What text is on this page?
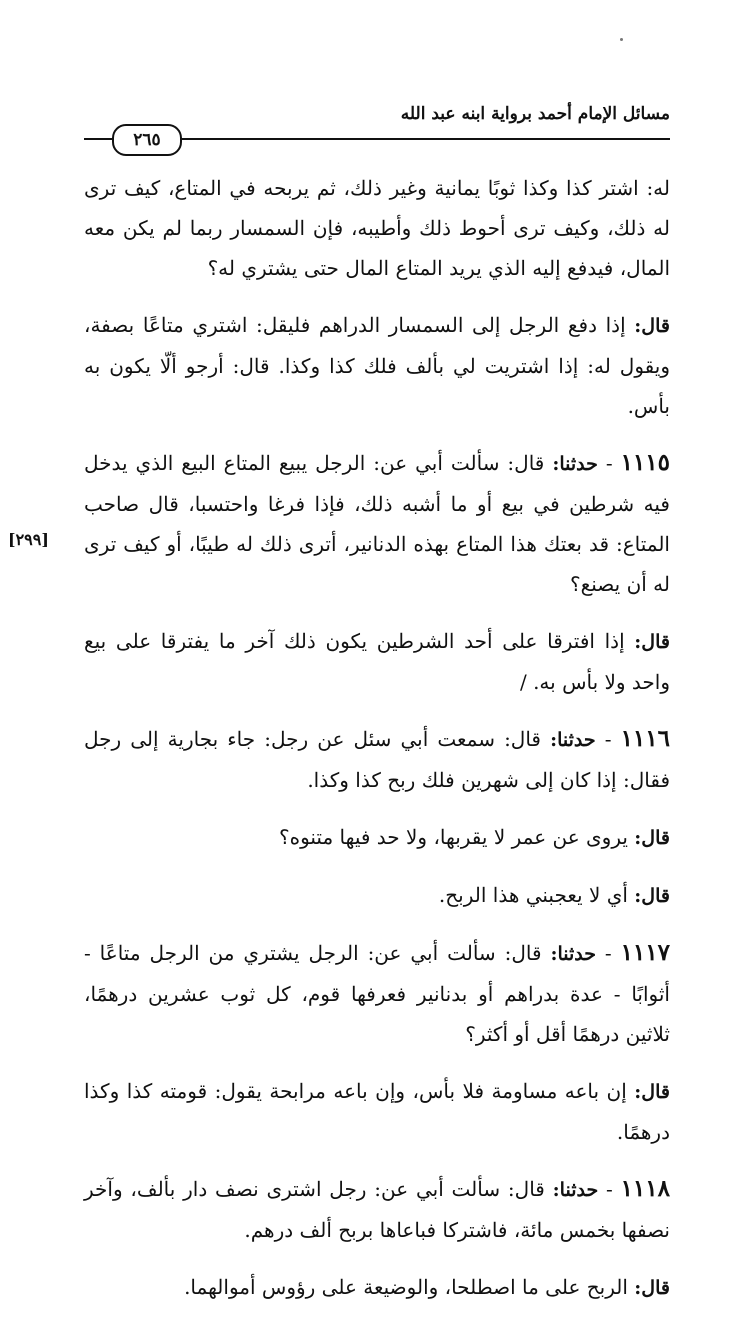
مسائل الإمام أحمد برواية ابنه عبد الله
٢٦٥
[٢٩٩]

له: اشتر كذا وكذا ثوبًا يمانية وغير ذلك، ثم يربحه في المتاع، كيف ترى له ذلك، وكيف ترى أحوط ذلك وأطيبه، فإن السمسار ربما لم يكن معه المال، فيدفع إليه الذي يريد المتاع المال حتى يشتري له؟

قال: إذا دفع الرجل إلى السمسار الدراهم فليقل: اشتري متاعًا بصفة، ويقول له: إذا اشتريت لي بألف فلك كذا وكذا. قال: أرجو ألّا يكون به بأس.

١١١٥ - حدثنا: قال: سألت أبي عن: الرجل يبيع المتاع البيع الذي يدخل فيه شرطين في بيع أو ما أشبه ذلك، فإذا فرغا واحتسبا، قال صاحب المتاع: قد بعتك هذا المتاع بهذه الدنانير، أترى ذلك له طيبًا، أو كيف ترى له أن يصنع؟

قال: إذا افترقا على أحد الشرطين يكون ذلك آخر ما يفترقا على بيع واحد ولا بأس به. /

١١١٦ - حدثنا: قال: سمعت أبي سئل عن رجل: جاء بجارية إلى رجل فقال: إذا كان إلى شهرين فلك ربح كذا وكذا.

قال: يروى عن عمر لا يقربها، ولا حد فيها متنوه؟

قال: أي لا يعجبني هذا الربح.

١١١٧ - حدثنا: قال: سألت أبي عن: الرجل يشتري من الرجل متاعًا - أثوابًا - عدة بدراهم أو بدنانير فعرفها قوم، كل ثوب عشرين درهمًا، ثلاثين درهمًا أقل أو أكثر؟

قال: إن باعه مساومة فلا بأس، وإن باعه مرابحة يقول: قومته كذا وكذا درهمًا.

١١١٨ - حدثنا: قال: سألت أبي عن: رجل اشترى نصف دار بألف، وآخر نصفها بخمس مائة، فاشتركا فباعاها بربح ألف درهم.

قال: الربح على ما اصطلحا، والوضيعة على رؤوس أموالهما.
